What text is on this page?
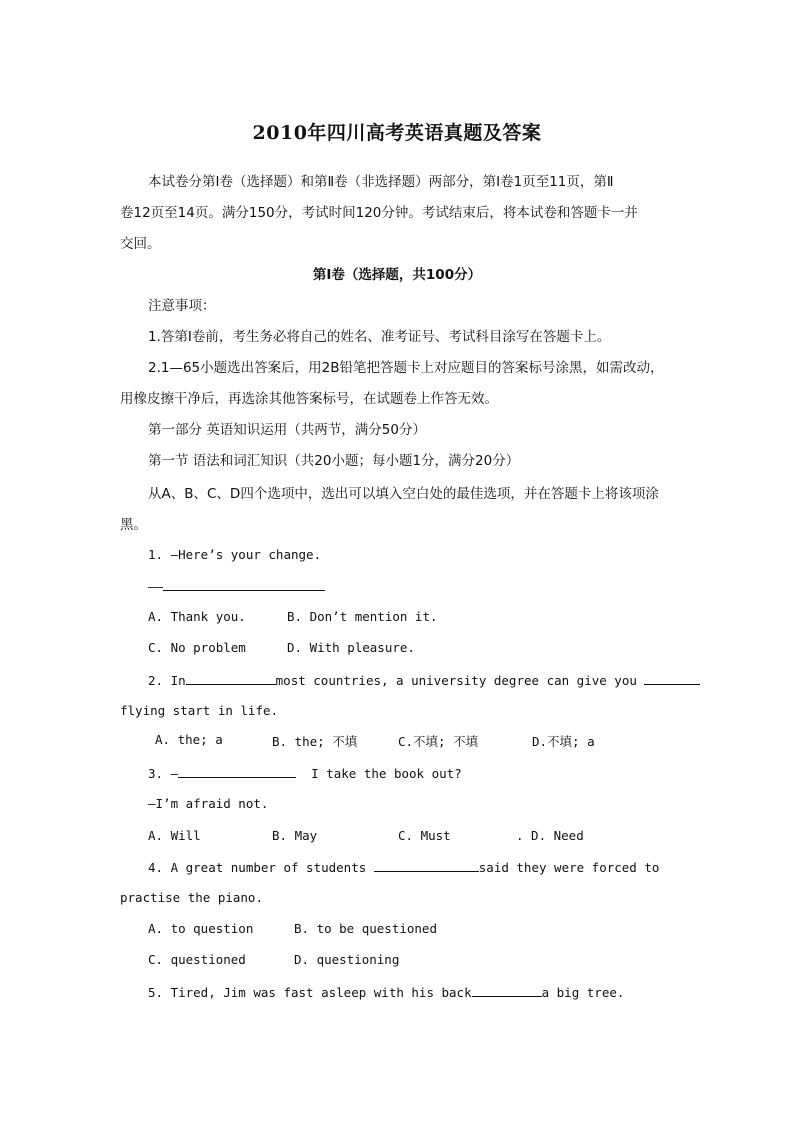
2010年四川高考英语真题及答案
本试卷分第Ⅰ卷（选择题）和第Ⅱ卷（非选择题）两部分，第Ⅰ卷1页至11页，第Ⅱ
卷12页至14页。满分150分，考试时间120分钟。考试结束后，将本试卷和答题卡一并
交回。
第Ⅰ卷（选择题，共100分）
注意事项：
1.答第Ⅰ卷前，考生务必将自己的姓名、准考证号、考试科目涂写在答题卡上。
2.1—65小题选出答案后，用2B铅笔把答题卡上对应题目的答案标号涂黑，如需改动，
用橡皮擦干净后，再选涂其他答案标号，在试题卷上作答无效。
第一部分 英语知识运用（共两节，满分50分）
第一节 语法和词汇知识（共20小题；每小题1分，满分20分）
从A、B、C、D四个选项中，选出可以填入空白处的最佳选项，并在答题卡上将该项涂
黑。
1. —Here’s your change.
——
A. Thank you.	B. Don’t mention it.
C. No problem	D. With pleasure.
2. In	most countries, a university degree can give you
flying start in life.
A. the; a	B. the; 不填	C.不填; 不填	D.不填; a
3. —	I take the book out?
—I’m afraid not.
A. Will	B. May	C. Must	. D. Need
4. A great number of students	said they were forced to
practise the piano.
A. to question	B. to be questioned
C. questioned	D. questioning
5. Tired, Jim was fast asleep with his back	a big tree.
